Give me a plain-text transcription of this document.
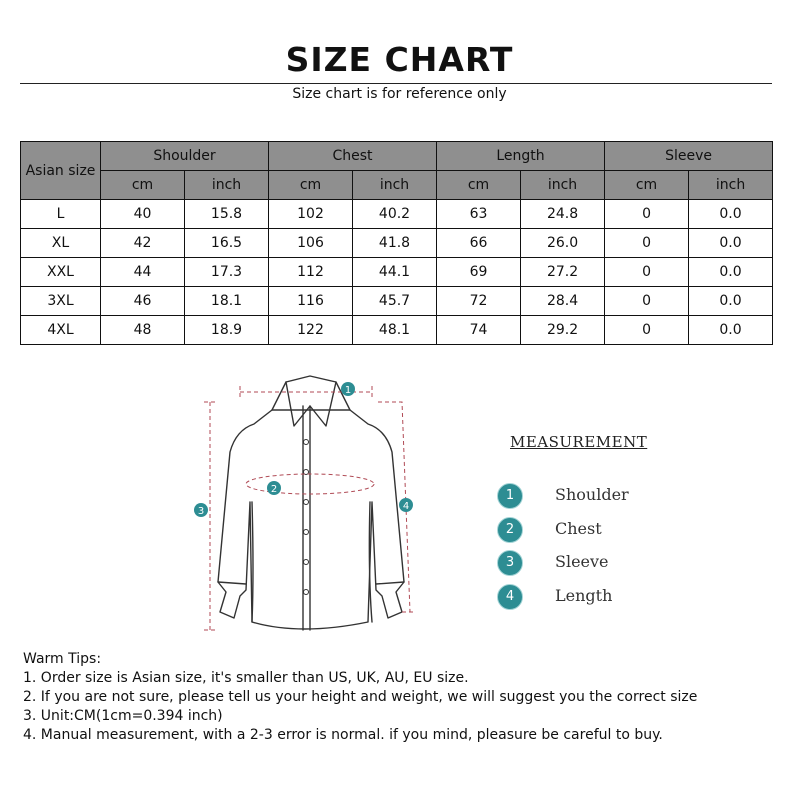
SIZE CHART
Size chart is for reference only
Asian size	Shoulder		Chest		Length		Sleeve	
	cm	inch	cm	inch	cm	inch	cm	inch
L	40	15.8	102	40.2	63	24.8	0	0.0
XL	42	16.5	106	41.8	66	26.0	0	0.0
XXL	44	17.3	112	44.1	69	27.2	0	0.0
3XL	46	18.1	116	45.7	72	28.4	0	0.0
4XL	48	18.9	122	48.1	74	29.2	0	0.0
1
2
3	4
MEASUREMENT
1	Shoulder
2	Chest
3	Sleeve
4	Length
Warm Tips:
1. Order size is Asian size, it's smaller than US, UK, AU, EU size.
2. If you are not sure, please tell us your height and weight, we will suggest you the correct size
3. Unit:CM(1cm=0.394 inch)
4. Manual measurement, with a 2-3 error is normal. if you mind, pleasure be careful to buy.
